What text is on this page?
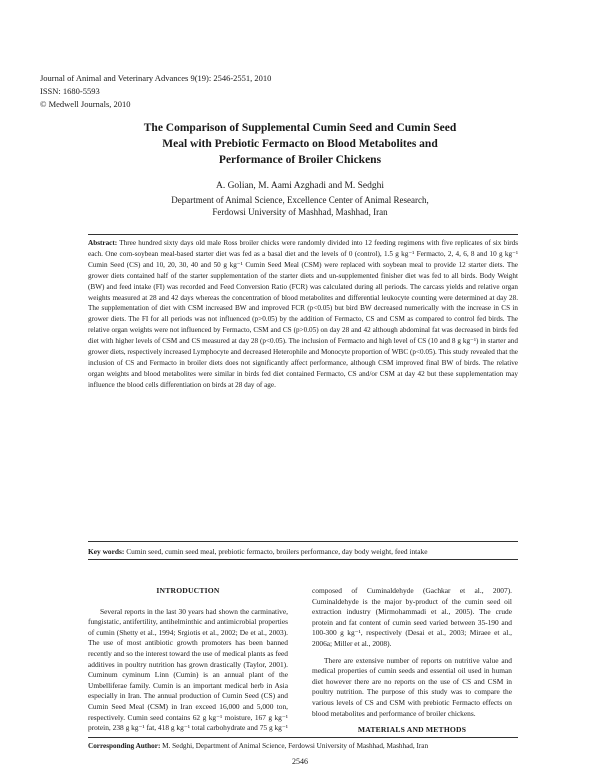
Journal of Animal and Veterinary Advances 9(19): 2546-2551, 2010
ISSN: 1680-5593
© Medwell Journals, 2010
The Comparison of Supplemental Cumin Seed and Cumin Seed
Meal with Prebiotic Fermacto on Blood Metabolites and
Performance of Broiler Chickens
A. Golian, M. Aami Azghadi and M. Sedghi
Department of Animal Science, Excellence Center of Animal Research,
Ferdowsi University of Mashhad, Mashhad, Iran
Abstract: Three hundred sixty days old male Ross broiler chicks were randomly divided into 12 feeding regimens with five replicates of six birds each. One corn-soybean meal-based starter diet was fed as a basal diet and the levels of 0 (control), 1.5 g kg⁻¹ Fermacto, 2, 4, 6, 8 and 10 g kg⁻¹ Cumin Seed (CS) and 10, 20, 30, 40 and 50 g kg⁻¹ Cumin Seed Meal (CSM) were replaced with soybean meal to provide 12 starter diets. The grower diets contained half of the starter supplementation of the starter diets and un-supplemented finisher diet was fed to all birds. Body Weight (BW) and feed intake (FI) was recorded and Feed Conversion Ratio (FCR) was calculated during all periods. The carcass yields and relative organ weights measured at 28 and 42 days whereas the concentration of blood metabolites and differential leukocyte counting were determined at day 28. The supplementation of diet with CSM increased BW and improved FCR (p<0.05) but bird BW decreased numerically with the increase in CS in grower diets. The FI for all periods was not influenced (p>0.05) by the addition of Fermacto, CS and CSM as compared to control fed birds. The relative organ weights were not influenced by Fermacto, CSM and CS (p>0.05) on day 28 and 42 although abdominal fat was decreased in birds fed diet with higher levels of CSM and CS measured at day 28 (p<0.05). The inclusion of Fermacto and high level of CS (10 and 8 g kg⁻¹) in starter and grower diets, respectively increased Lymphocyte and decreased Heterophile and Monocyte proportion of WBC (p<0.05). This study revealed that the inclusion of CS and Fermacto in broiler diets does not significantly affect performance, although CSM improved final BW of birds. The relative organ weights and blood metabolites were similar in birds fed diet contained Fermacto, CS and/or CSM at day 42 but these supplementation may influence the blood cells differentiation on birds at 28 day of age.
Key words: Cumin seed, cumin seed meal, prebiotic fermacto, broilers performance, day body weight, feed intake
INTRODUCTION

Several reports in the last 30 years had shown the carminative, fungistatic, antifertility, antihelminthic and antimicrobial properties of cumin (Shetty et al., 1994; Srgiotis et al., 2002; De et al., 2003). The use of most antibiotic growth promoters has been banned recently and so the interest toward the use of medical plants as feed additives in poultry nutrition has grown drastically (Taylor, 2001). Cuminum cyminum Linn (Cumin) is an annual plant of the Umbelliferae family. Cumin is an important medical herb in Asia especially in Iran. The annual production of Cumin Seed (CS) and Cumin Seed Meal (CSM) in Iran exceed 16,000 and 5,000 ton, respectively. Cumin seed contains 62 g kg⁻¹ moisture, 167 g kg⁻¹ protein, 238 g kg⁻¹ fat, 418 g kg⁻¹ total carbohydrate and 75 g kg⁻¹

composed of Cuminaldehyde (Gachkar et al., 2007). Cuminaldehyde is the major by-product of the cumin seed oil extraction industry (Mirmohammadi et al., 2005). The crude protein and fat content of cumin seed varied between 35-190 and 100-300 g kg⁻¹, respectively (Desai et al., 2003; Miraee et al., 2006a; Miller et al., 2008).

There are extensive number of reports on nutritive value and medical properties of cumin seeds and essential oil used in human diet however there are no reports on the use of CS and CSM in poultry nutrition. The purpose of this study was to compare the various levels of CS and CSM with prebiotic Fermacto effects on blood metabolites and performance of broiler chickens.

MATERIALS AND METHODS

Corresponding Author: M. Sedghi, Department of Animal Science, Ferdowsi University of Mashhad, Mashhad, Iran
2546
